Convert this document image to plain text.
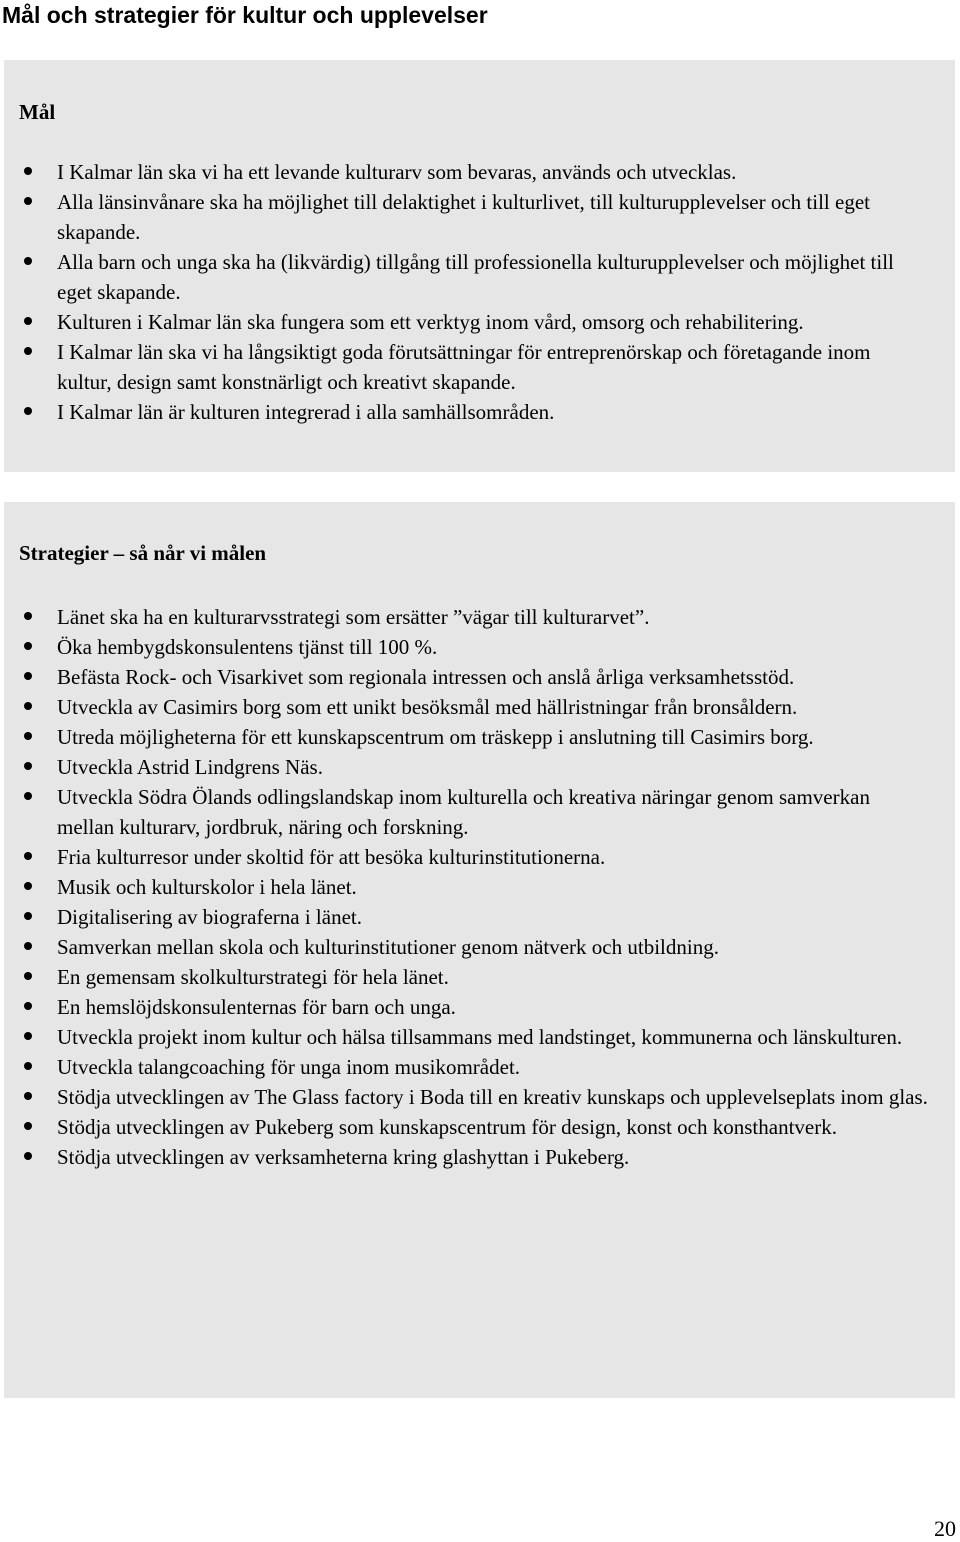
Mål och strategier för kultur och upplevelser
Mål
I Kalmar län ska vi ha ett levande kulturarv som bevaras, används och utvecklas.
Alla länsinvånare ska ha möjlighet till delaktighet i kulturlivet, till kulturupplevelser och till eget skapande.
Alla barn och unga ska ha (likvärdig) tillgång till professionella kulturupplevelser och möjlighet till eget skapande.
Kulturen i Kalmar län ska fungera som ett verktyg inom vård, omsorg och rehabilitering.
I Kalmar län ska vi ha långsiktigt goda förutsättningar för entreprenörskap och företagande inom kultur, design samt konstnärligt och kreativt skapande.
I Kalmar län är kulturen integrerad i alla samhällsområden.
Strategier – så når vi målen
Länet ska ha en kulturarvsstrategi som ersätter ”vägar till kulturarvet”.
Öka hembygdskonsulentens tjänst till 100 %.
Befästa Rock- och Visarkivet som regionala intressen och anslå årliga verksamhetsstöd.
Utveckla av Casimirs borg som ett unikt besöksmål med hällristningar från bronsåldern.
Utreda möjligheterna för ett kunskapscentrum om träskepp i anslutning till Casimirs borg.
Utveckla Astrid Lindgrens Näs.
Utveckla Södra Ölands odlingslandskap inom kulturella och kreativa näringar genom samverkan mellan kulturarv, jordbruk, näring och forskning.
Fria kulturresor under skoltid för att besöka kulturinstitutionerna.
Musik och kulturskolor i hela länet.
Digitalisering av biograferna i länet.
Samverkan mellan skola och kulturinstitutioner genom nätverk och utbildning.
En gemensam skolkulturstrategi för hela länet.
En hemslöjdskonsulenternas för barn och unga.
Utveckla projekt inom kultur och hälsa tillsammans med landstinget, kommunerna och länskulturen.
Utveckla talangcoaching för unga inom musikområdet.
Stödja utvecklingen av The Glass factory i Boda till en kreativ kunskaps och upplevelseplats inom glas.
Stödja utvecklingen av Pukeberg som kunskapscentrum för design, konst och konsthantverk.
Stödja utvecklingen av verksamheterna kring glashyttan i Pukeberg.
20
